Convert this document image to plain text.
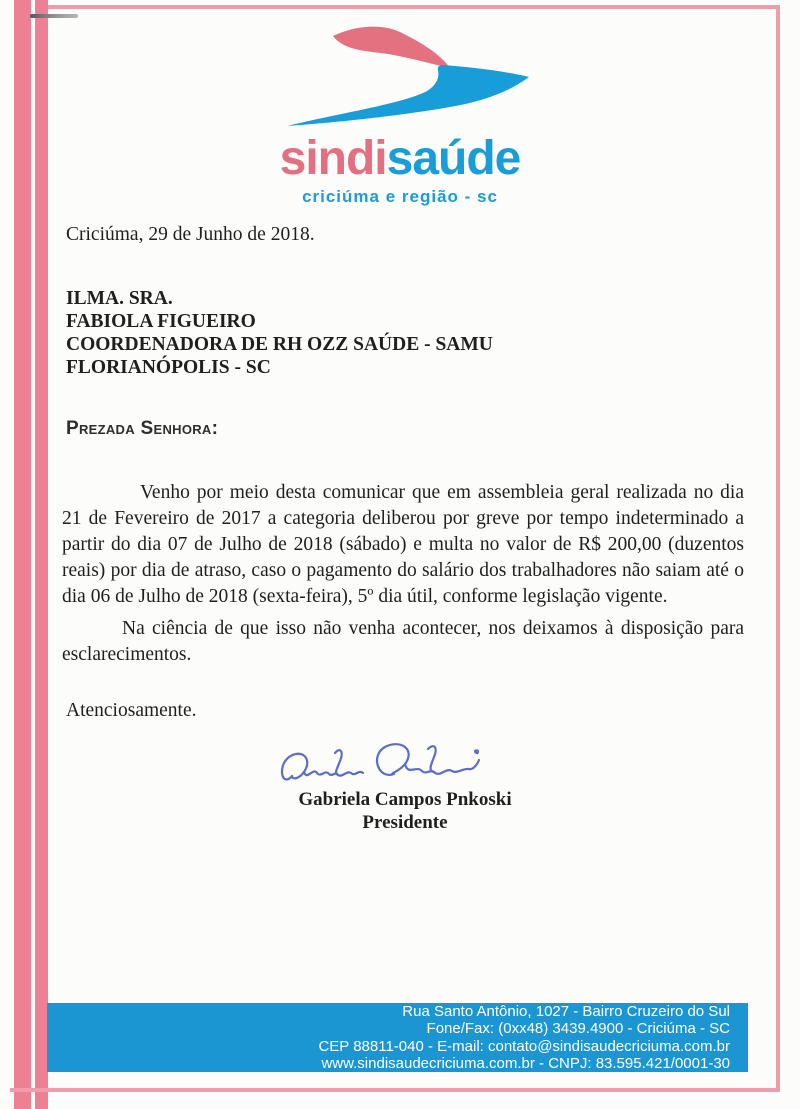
sindisaúde
criciúma e região - sc
Criciúma, 29 de Junho de 2018.
ILMA. SRA.
FABIOLA FIGUEIRO
COORDENADORA DE RH OZZ SAÚDE - SAMU
FLORIANÓPOLIS - SC
Prezada Senhora:

Venho por meio desta comunicar que em assembleia geral realizada no dia 21 de Fevereiro de 2017 a categoria deliberou por greve por tempo indeterminado a partir do dia 07 de Julho de 2018 (sábado) e multa no valor de R$ 200,00 (duzentos reais) por dia de atraso, caso o pagamento do salário dos trabalhadores não saiam até o dia 06 de Julho de 2018 (sexta-feira), 5º dia útil, conforme legislação vigente.

Na ciência de que isso não venha acontecer, nos deixamos à disposição para esclarecimentos.

Atenciosamente.
Gabriela Campos Pnkoski
Presidente
Rua Santo Antônio, 1027 - Bairro Cruzeiro do Sul
Fone/Fax: (0xx48) 3439.4900 - Criciúma - SC
CEP 88811-040 - E-mail: contato@sindisaudecriciuma.com.br
www.sindisaudecriciuma.com.br - CNPJ: 83.595.421/0001-30
